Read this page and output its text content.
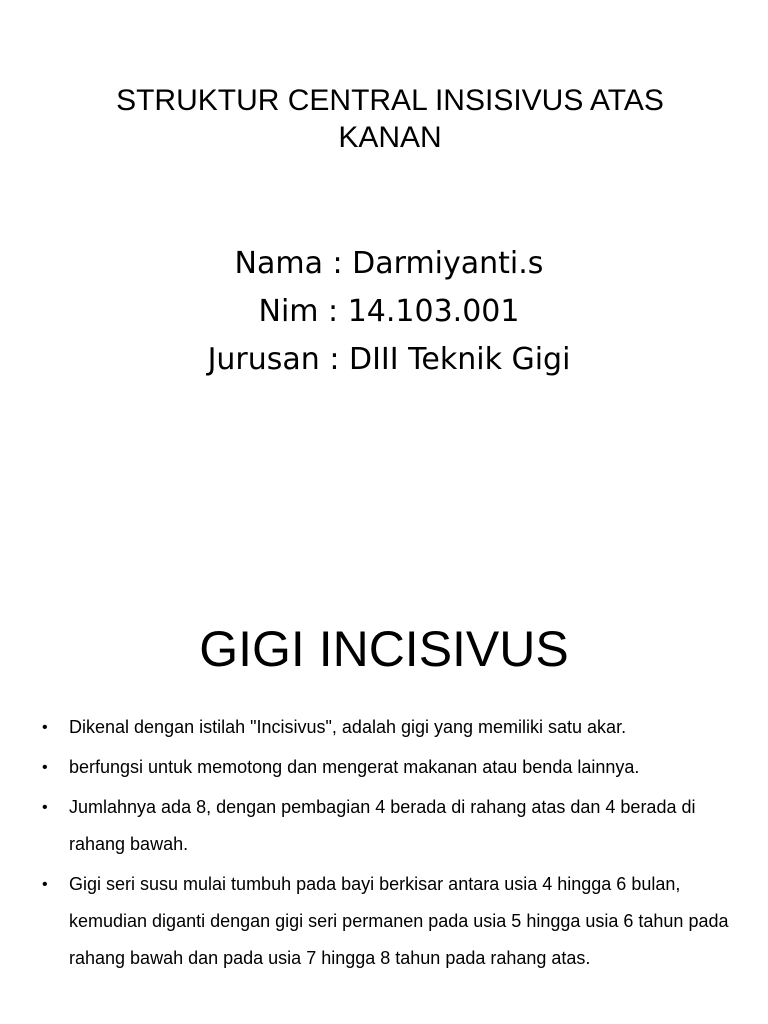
STRUKTUR CENTRAL INSISIVUS ATAS
KANAN
Nama : Darmiyanti.s
Nim : 14.103.001
Jurusan : DIII Teknik Gigi
GIGI INCISIVUS
• Dikenal dengan istilah "Incisivus", adalah gigi yang memiliki satu akar.
• berfungsi untuk memotong dan mengerat makanan atau benda lainnya.
• Jumlahnya ada 8, dengan pembagian 4 berada di rahang atas dan 4 berada di rahang bawah.
• Gigi seri susu mulai tumbuh pada bayi berkisar antara usia 4 hingga 6 bulan, kemudian diganti dengan gigi seri permanen pada usia 5 hingga usia 6 tahun pada rahang bawah dan pada usia 7 hingga 8 tahun pada rahang atas.
